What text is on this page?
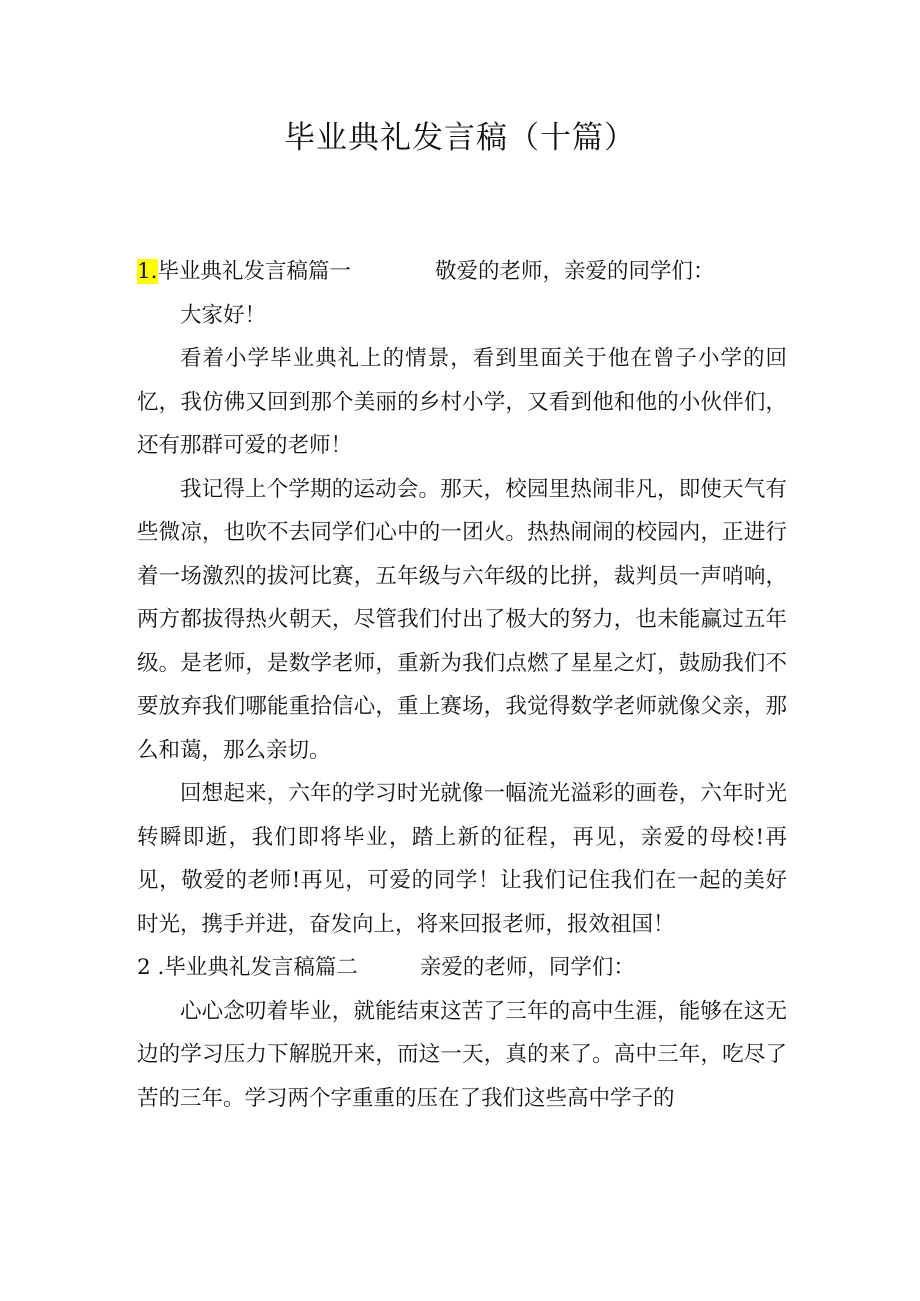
毕业典礼发言稿（十篇）

1.毕业典礼发言稿篇一	敬爱的老师，亲爱的同学们：

大家好！

看着小学毕业典礼上的情景，看到里面关于他在曾子小学的回忆，我仿佛又回到那个美丽的乡村小学，又看到他和他的小伙伴们，还有那群可爱的老师！

我记得上个学期的运动会。那天，校园里热闹非凡，即使天气有些微凉，也吹不去同学们心中的一团火。热热闹闹的校园内，正进行着一场激烈的拔河比赛，五年级与六年级的比拼，裁判员一声哨响，两方都拔得热火朝天，尽管我们付出了极大的努力，也未能赢过五年级。是老师，是数学老师，重新为我们点燃了星星之灯，鼓励我们不要放弃我们哪能重拾信心，重上赛场，我觉得数学老师就像父亲，那么和蔼，那么亲切。

回想起来，六年的学习时光就像一幅流光溢彩的画卷，六年时光转瞬即逝，我们即将毕业，踏上新的征程，再见，亲爱的母校!再见，敬爱的老师!再见，可爱的同学！让我们记住我们在一起的美好时光，携手并进，奋发向上，将来回报老师，报效祖国！

2 .毕业典礼发言稿篇二	亲爱的老师，同学们：

心心念叨着毕业，就能结束这苦了三年的高中生涯，能够在这无边的学习压力下解脱开来，而这一天，真的来了。高中三年，吃尽了苦的三年。学习两个字重重的压在了我们这些高中学子的
